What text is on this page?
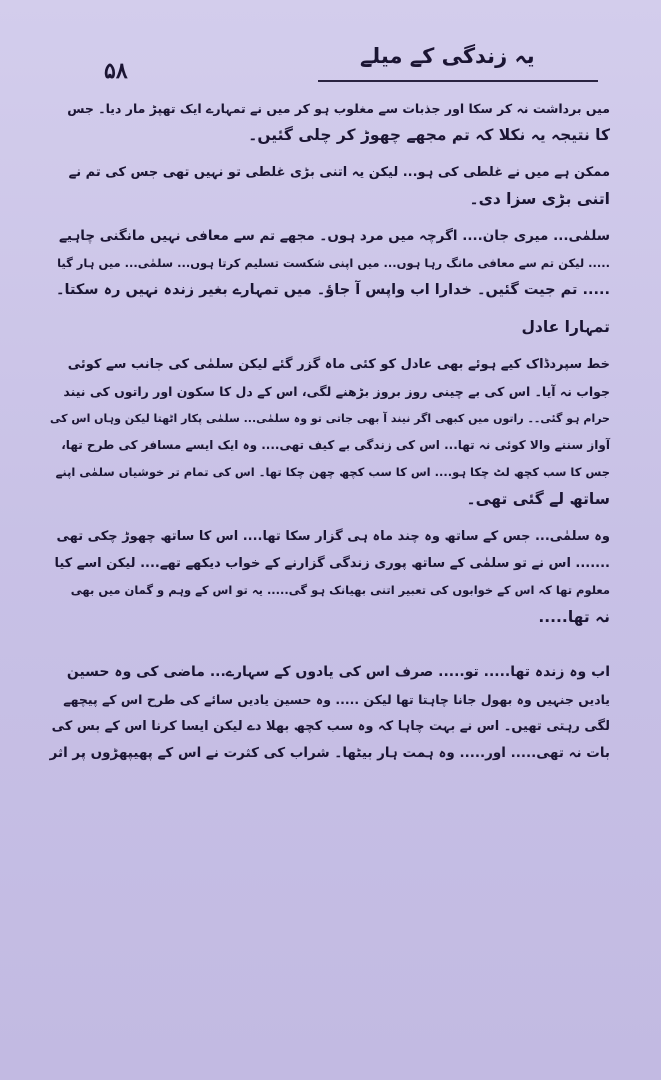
۵۸
یہ زندگی کے میلے

میں برداشت نہ کر سکا اور جذبات سے مغلوب ہو کر میں نے تمہارے ایک تھپڑ مار دیا۔ جس
کا نتیجہ یہ نکلا کہ تم مجھے چھوڑ کر چلی گئیں۔

ممکن ہے میں نے غلطی کی ہو... لیکن یہ اتنی بڑی غلطی تو نہیں تھی جس کی تم نے
اتنی بڑی سزا دی۔

سلمٰی... میری جان.... اگرچہ میں مرد ہوں۔ مجھے تم سے معافی نہیں مانگنی چاہیے
..... لیکن تم سے معافی مانگ رہا ہوں... میں اپنی شکست تسلیم کرتا ہوں... سلمٰی... میں ہار گیا
..... تم جیت گئیں۔ خدارا اب واپس آ جاؤ۔ میں تمہارے بغیر زندہ نہیں رہ سکتا۔

تمہارا عادل

خط سپردڈاک کیے ہوئے بھی عادل کو کئی ماہ گزر گئے لیکن سلمٰی کی جانب سے کوئی
جواب نہ آیا۔ اس کی بے چینی روز بروز بڑھنے لگی، اس کے دل کا سکون اور راتوں کی نیند
حرام ہو گئی۔۔ راتوں میں کبھی اگر نیند آ بھی جاتی تو وہ سلمٰی... سلمٰی پکار اٹھتا لیکن وہاں اس کی
آواز سننے والا کوئی نہ تھا... اس کی زندگی بے کیف تھی.... وہ ایک ایسے مسافر کی طرح تھا،
جس کا سب کچھ لٹ چکا ہو.... اس کا سب کچھ چھن چکا تھا۔ اس کی تمام تر خوشیاں سلمٰی اپنے
ساتھ لے گئی تھی۔

وہ سلمٰی... جس کے ساتھ وہ چند ماہ ہی گزار سکا تھا.... اس کا ساتھ چھوڑ چکی تھی
....... اس نے تو سلمٰی کے ساتھ پوری زندگی گزارنے کے خواب دیکھے تھے.... لیکن اسے کیا
معلوم تھا کہ اس کے خوابوں کی تعبیر اتنی بھیانک ہو گی..... یہ تو اس کے وہم و گمان میں بھی
نہ تھا.....

اب وہ زندہ تھا..... تو..... صرف اس کی یادوں کے سہارے... ماضی کی وہ حسین
یادیں جنہیں وہ بھول جانا چاہتا تھا لیکن ..... وہ حسین یادیں سائے کی طرح اس کے پیچھے
لگی رہتی تھیں۔ اس نے بہت چاہا کہ وہ سب کچھ بھلا دے لیکن ایسا کرنا اس کے بس کی
بات نہ تھی..... اور..... وہ ہمت ہار بیٹھا۔ شراب کی کثرت نے اس کے پھیپھڑوں پر اثر
